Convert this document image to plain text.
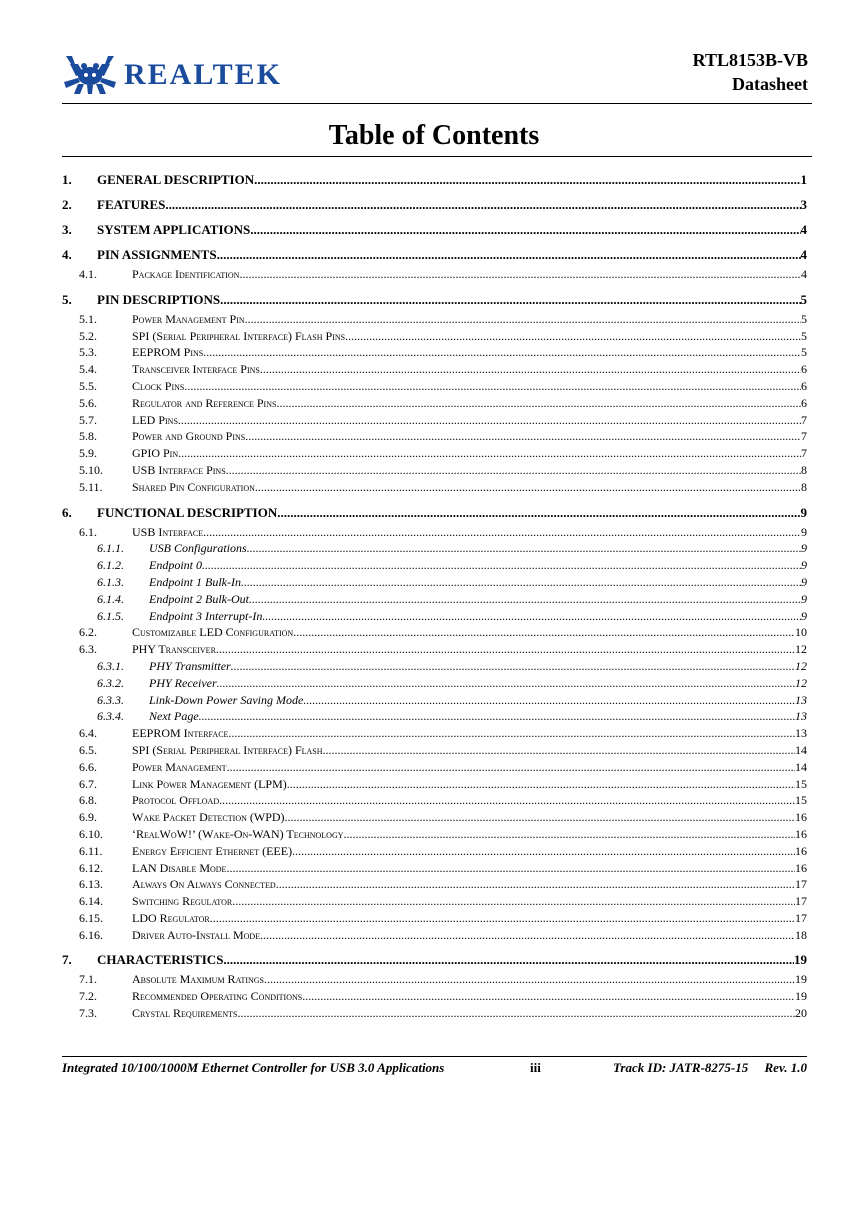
REALTEK	RTL8153B-VB
Datasheet
Table of Contents
1.	GENERAL DESCRIPTION .....	1
2.	FEATURES .....	3
3.	SYSTEM APPLICATIONS .....	4
4.	PIN ASSIGNMENTS .....	4
4.1.	Package Identification .....	4
5.	PIN DESCRIPTIONS .....	5
5.1.	Power Management Pin .....	5
5.2.	SPI (Serial Peripheral Interface) Flash Pins .....	5
5.3.	EEPROM Pins .....	5
5.4.	Transceiver Interface Pins .....	6
5.5.	Clock Pins .....	6
5.6.	Regulator and Reference Pins .....	6
5.7.	LED Pins .....	7
5.8.	Power and Ground Pins .....	7
5.9.	GPIO Pin .....	7
5.10.	USB Interface Pins .....	8
5.11.	Shared Pin Configuration .....	8
6.	FUNCTIONAL DESCRIPTION .....	9
6.1.	USB Interface .....	9
6.1.1.	USB Configurations .....	9
6.1.2.	Endpoint 0 .....	9
6.1.3.	Endpoint 1 Bulk-In .....	9
6.1.4.	Endpoint 2 Bulk-Out .....	9
6.1.5.	Endpoint 3 Interrupt-In .....	9
6.2.	Customizable LED Configuration .....	10
6.3.	PHY Transceiver .....	12
6.3.1.	PHY Transmitter .....	12
6.3.2.	PHY Receiver .....	12
6.3.3.	Link-Down Power Saving Mode .....	13
6.3.4.	Next Page .....	13
6.4.	EEPROM Interface .....	13
6.5.	SPI (Serial Peripheral Interface) Flash .....	14
6.6.	Power Management .....	14
6.7.	Link Power Management (LPM) .....	15
6.8.	Protocol Offload .....	15
6.9.	Wake Packet Detection (WPD) .....	16
6.10.	‘RealWoW!’ (Wake-On-WAN) Technology .....	16
6.11.	Energy Efficient Ethernet (EEE) .....	16
6.12.	LAN Disable Mode .....	16
6.13.	Always On Always Connected .....	17
6.14.	Switching Regulator .....	17
6.15.	LDO Regulator .....	17
6.16.	Driver Auto-Install Mode .....	18
7.	CHARACTERISTICS .....	19
7.1.	Absolute Maximum Ratings .....	19
7.2.	Recommended Operating Conditions .....	19
7.3.	Crystal Requirements .....	20
Integrated 10/100/1000M Ethernet Controller for USB 3.0 Applications	iii	Track ID: JATR-8275-15     Rev. 1.0
